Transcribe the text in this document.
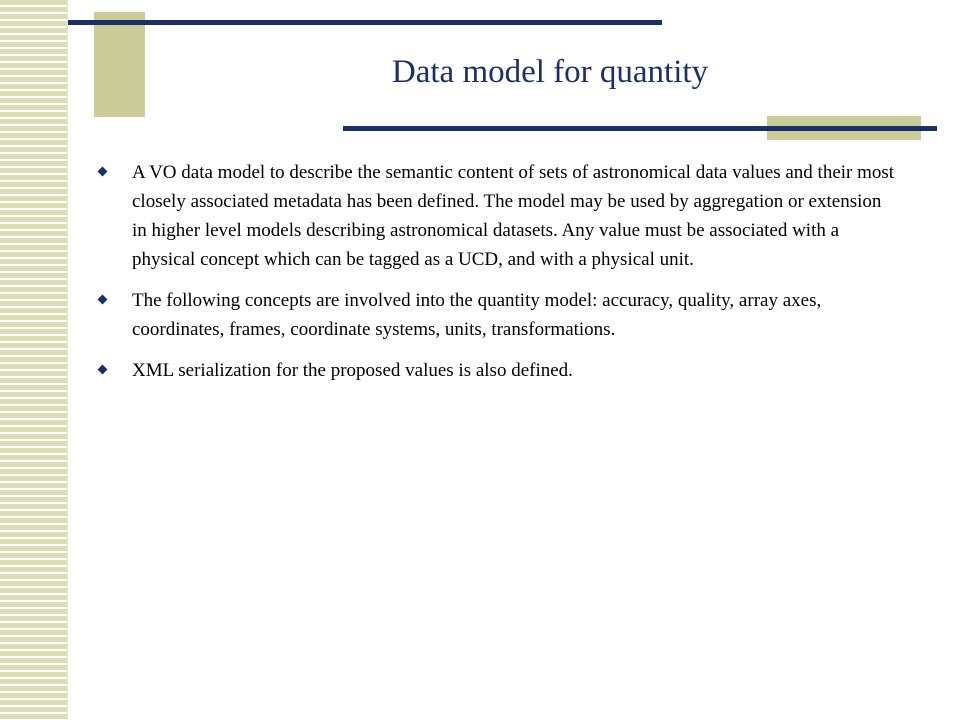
Data model for quantity
A VO data model to describe the semantic content of sets of astronomical data values and their most closely associated metadata has been defined. The model may be used by aggregation or extension in higher level models describing astronomical datasets. Any value must be associated with a physical concept which can be tagged as a UCD, and with a physical unit.
The following concepts are involved into the quantity model: accuracy, quality, array axes, coordinates, frames, coordinate systems, units, transformations.
XML serialization for the proposed values is also defined.
